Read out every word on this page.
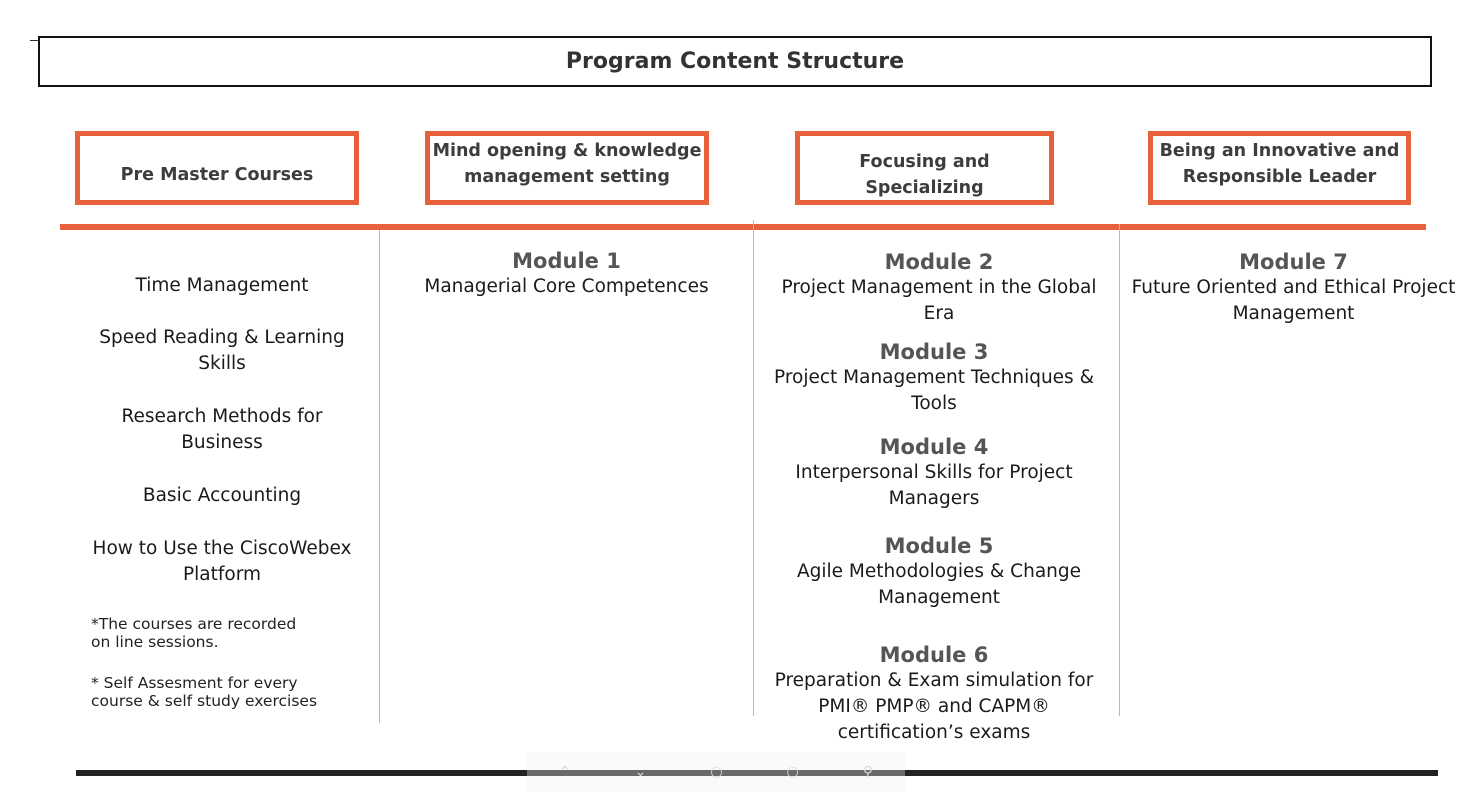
Program Content Structure
Pre Master Courses
Mind opening & knowledge
management setting
Focusing and Specializing
Being an Innovative and
Responsible Leader
Time Management
Speed Reading & Learning
Skills
Research Methods for
Business
Basic Accounting
How to Use the CiscoWebex
Platform
*The courses are recorded
on line sessions.
* Self Assesment for every
course & self study exercises
Module 1
Managerial Core Competences
Module 2
Project Management in the Global
Era
Module 3
Project Management Techniques &
Tools
Module 4
Interpersonal Skills for Project
Managers
Module 5
Agile Methodologies & Change
Management
Module 6
Preparation & Exam simulation for
PMI® PMP® and CAPM®
certification’s exams
Module 7
Future Oriented and Ethical Project
Management
⌃	⌄	○	○	⚲
